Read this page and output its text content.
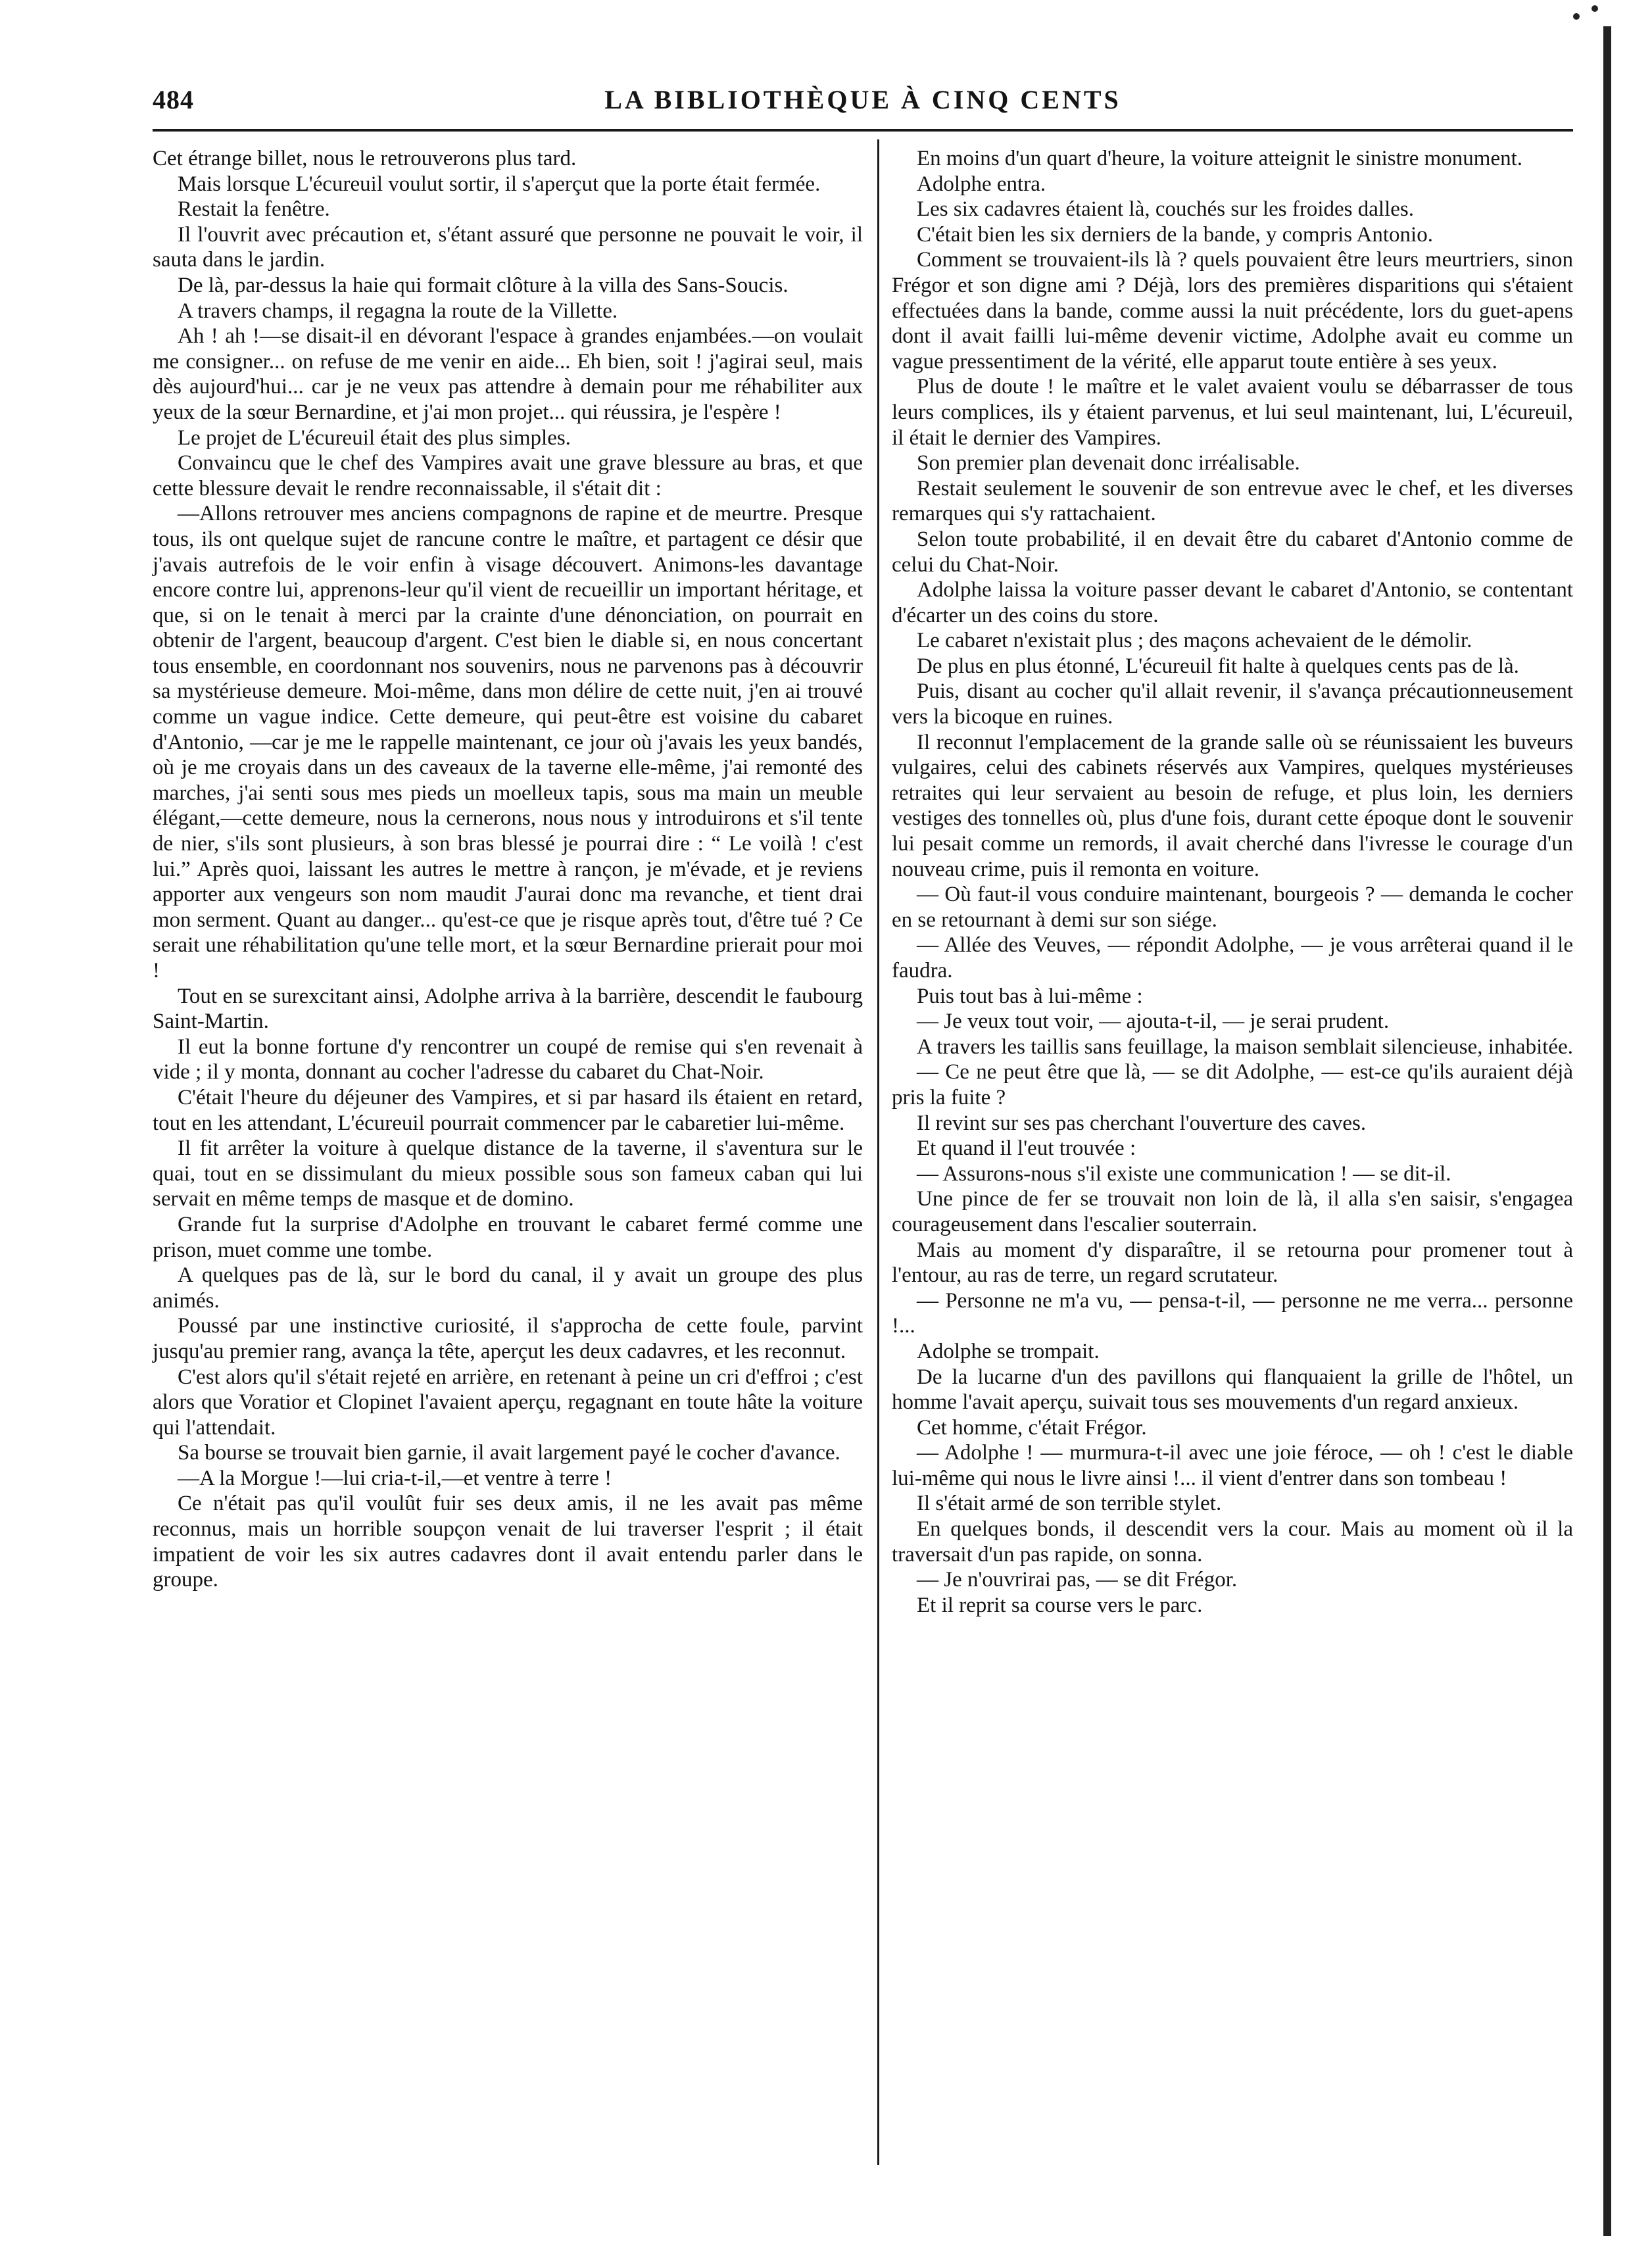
484	LA BIBLIOTHÈQUE À CINQ CENTS

Cet étrange billet, nous le retrouverons plus tard.

Mais lorsque L'écureuil voulut sortir, il s'aperçut que la porte était fermée.

Restait la fenêtre.

Il l'ouvrit avec précaution et, s'étant assuré que personne ne pouvait le voir, il sauta dans le jardin.

De là, par-dessus la haie qui formait clôture à la villa des Sans-Soucis.

A travers champs, il regagna la route de la Villette.

Ah ! ah !—se disait-il en dévorant l'espace à grandes enjambées.—on voulait me consigner... on refuse de me venir en aide... Eh bien, soit ! j'agirai seul, mais dès aujourd'hui... car je ne veux pas attendre à demain pour me réhabiliter aux yeux de la sœur Bernardine, et j'ai mon projet... qui réussira, je l'espère !

Le projet de L'écureuil était des plus simples.

Convaincu que le chef des Vampires avait une grave blessure au bras, et que cette blessure devait le rendre reconnaissable, il s'était dit :

—Allons retrouver mes anciens compagnons de rapine et de meurtre. Presque tous, ils ont quelque sujet de rancune contre le maître, et partagent ce désir que j'avais autrefois de le voir enfin à visage découvert. Animons-les davantage encore contre lui, apprenons-leur qu'il vient de recueillir un important héritage, et que, si on le tenait à merci par la crainte d'une dénonciation, on pourrait en obtenir de l'argent, beaucoup d'argent. C'est bien le diable si, en nous concertant tous ensemble, en coordonnant nos souvenirs, nous ne parvenons pas à découvrir sa mystérieuse demeure. Moi-même, dans mon délire de cette nuit, j'en ai trouvé comme un vague indice. Cette demeure, qui peut-être est voisine du cabaret d'Antonio, —car je me le rappelle maintenant, ce jour où j'avais les yeux bandés, où je me croyais dans un des caveaux de la taverne elle-même, j'ai remonté des marches, j'ai senti sous mes pieds un moelleux tapis, sous ma main un meuble élégant,—cette demeure, nous la cernerons, nous nous y introduirons et s'il tente de nier, s'ils sont plusieurs, à son bras blessé je pourrai dire : “ Le voilà ! c'est lui.” Après quoi, laissant les autres le mettre à rançon, je m'évade, et je reviens apporter aux vengeurs son nom maudit J'aurai donc ma revanche, et tient drai mon serment. Quant au danger... qu'est-ce que je risque après tout, d'être tué ? Ce serait une réhabilitation qu'une telle mort, et la sœur Bernardine prierait pour moi !

Tout en se surexcitant ainsi, Adolphe arriva à la barrière, descendit le faubourg Saint-Martin.

Il eut la bonne fortune d'y rencontrer un coupé de remise qui s'en revenait à vide ; il y monta, donnant au cocher l'adresse du cabaret du Chat-Noir.

C'était l'heure du déjeuner des Vampires, et si par hasard ils étaient en retard, tout en les attendant, L'écureuil pourrait commencer par le cabaretier lui-même.

Il fit arrêter la voiture à quelque distance de la taverne, il s'aventura sur le quai, tout en se dissimulant du mieux possible sous son fameux caban qui lui servait en même temps de masque et de domino.

Grande fut la surprise d'Adolphe en trouvant le cabaret fermé comme une prison, muet comme une tombe.

A quelques pas de là, sur le bord du canal, il y avait un groupe des plus animés.

Poussé par une instinctive curiosité, il s'approcha de cette foule, parvint jusqu'au premier rang, avança la tête, aperçut les deux cadavres, et les reconnut.

C'est alors qu'il s'était rejeté en arrière, en retenant à peine un cri d'effroi ; c'est alors que Voratior et Clopinet l'avaient aperçu, regagnant en toute hâte la voiture qui l'attendait.

Sa bourse se trouvait bien garnie, il avait largement payé le cocher d'avance.

—A la Morgue !—lui cria-t-il,—et ventre à terre !

Ce n'était pas qu'il voulût fuir ses deux amis, il ne les avait pas même reconnus, mais un horrible soupçon venait de lui traverser l'esprit ; il était impatient de voir les six autres cadavres dont il avait entendu parler dans le groupe.

En moins d'un quart d'heure, la voiture atteignit le sinistre monument.

Adolphe entra.

Les six cadavres étaient là, couchés sur les froides dalles.

C'était bien les six derniers de la bande, y compris Antonio.

Comment se trouvaient-ils là ? quels pouvaient être leurs meurtriers, sinon Frégor et son digne ami ? Déjà, lors des premières disparitions qui s'étaient effectuées dans la bande, comme aussi la nuit précédente, lors du guet-apens dont il avait failli lui-même devenir victime, Adolphe avait eu comme un vague pressentiment de la vérité, elle apparut toute entière à ses yeux.

Plus de doute ! le maître et le valet avaient voulu se débarrasser de tous leurs complices, ils y étaient parvenus, et lui seul maintenant, lui, L'écureuil, il était le dernier des Vampires.

Son premier plan devenait donc irréalisable.

Restait seulement le souvenir de son entrevue avec le chef, et les diverses remarques qui s'y rattachaient.

Selon toute probabilité, il en devait être du cabaret d'Antonio comme de celui du Chat-Noir.

Adolphe laissa la voiture passer devant le cabaret d'Antonio, se contentant d'écarter un des coins du store.

Le cabaret n'existait plus ; des maçons achevaient de le démolir.

De plus en plus étonné, L'écureuil fit halte à quelques cents pas de là.

Puis, disant au cocher qu'il allait revenir, il s'avança précautionneusement vers la bicoque en ruines.

Il reconnut l'emplacement de la grande salle où se réunissaient les buveurs vulgaires, celui des cabinets réservés aux Vampires, quelques mystérieuses retraites qui leur servaient au besoin de refuge, et plus loin, les derniers vestiges des tonnelles où, plus d'une fois, durant cette époque dont le souvenir lui pesait comme un remords, il avait cherché dans l'ivresse le courage d'un nouveau crime, puis il remonta en voiture.

— Où faut-il vous conduire maintenant, bourgeois ? — demanda le cocher en se retournant à demi sur son siége.

— Allée des Veuves, — répondit Adolphe, — je vous arrêterai quand il le faudra.

Puis tout bas à lui-même :

— Je veux tout voir, — ajouta-t-il, — je serai prudent.

A travers les taillis sans feuillage, la maison semblait silencieuse, inhabitée.

— Ce ne peut être que là, — se dit Adolphe, — est-ce qu'ils auraient déjà pris la fuite ?

Il revint sur ses pas cherchant l'ouverture des caves.

Et quand il l'eut trouvée :

— Assurons-nous s'il existe une communication ! — se dit-il.

Une pince de fer se trouvait non loin de là, il alla s'en saisir, s'engagea courageusement dans l'escalier souterrain.

Mais au moment d'y disparaître, il se retourna pour promener tout à l'entour, au ras de terre, un regard scrutateur.

— Personne ne m'a vu, — pensa-t-il, — personne ne me verra... personne !...

Adolphe se trompait.

De la lucarne d'un des pavillons qui flanquaient la grille de l'hôtel, un homme l'avait aperçu, suivait tous ses mouvements d'un regard anxieux.

Cet homme, c'était Frégor.

— Adolphe ! — murmura-t-il avec une joie féroce, — oh ! c'est le diable lui-même qui nous le livre ainsi !... il vient d'entrer dans son tombeau !

Il s'était armé de son terrible stylet.

En quelques bonds, il descendit vers la cour. Mais au moment où il la traversait d'un pas rapide, on sonna.

— Je n'ouvrirai pas, — se dit Frégor.

Et il reprit sa course vers le parc.
